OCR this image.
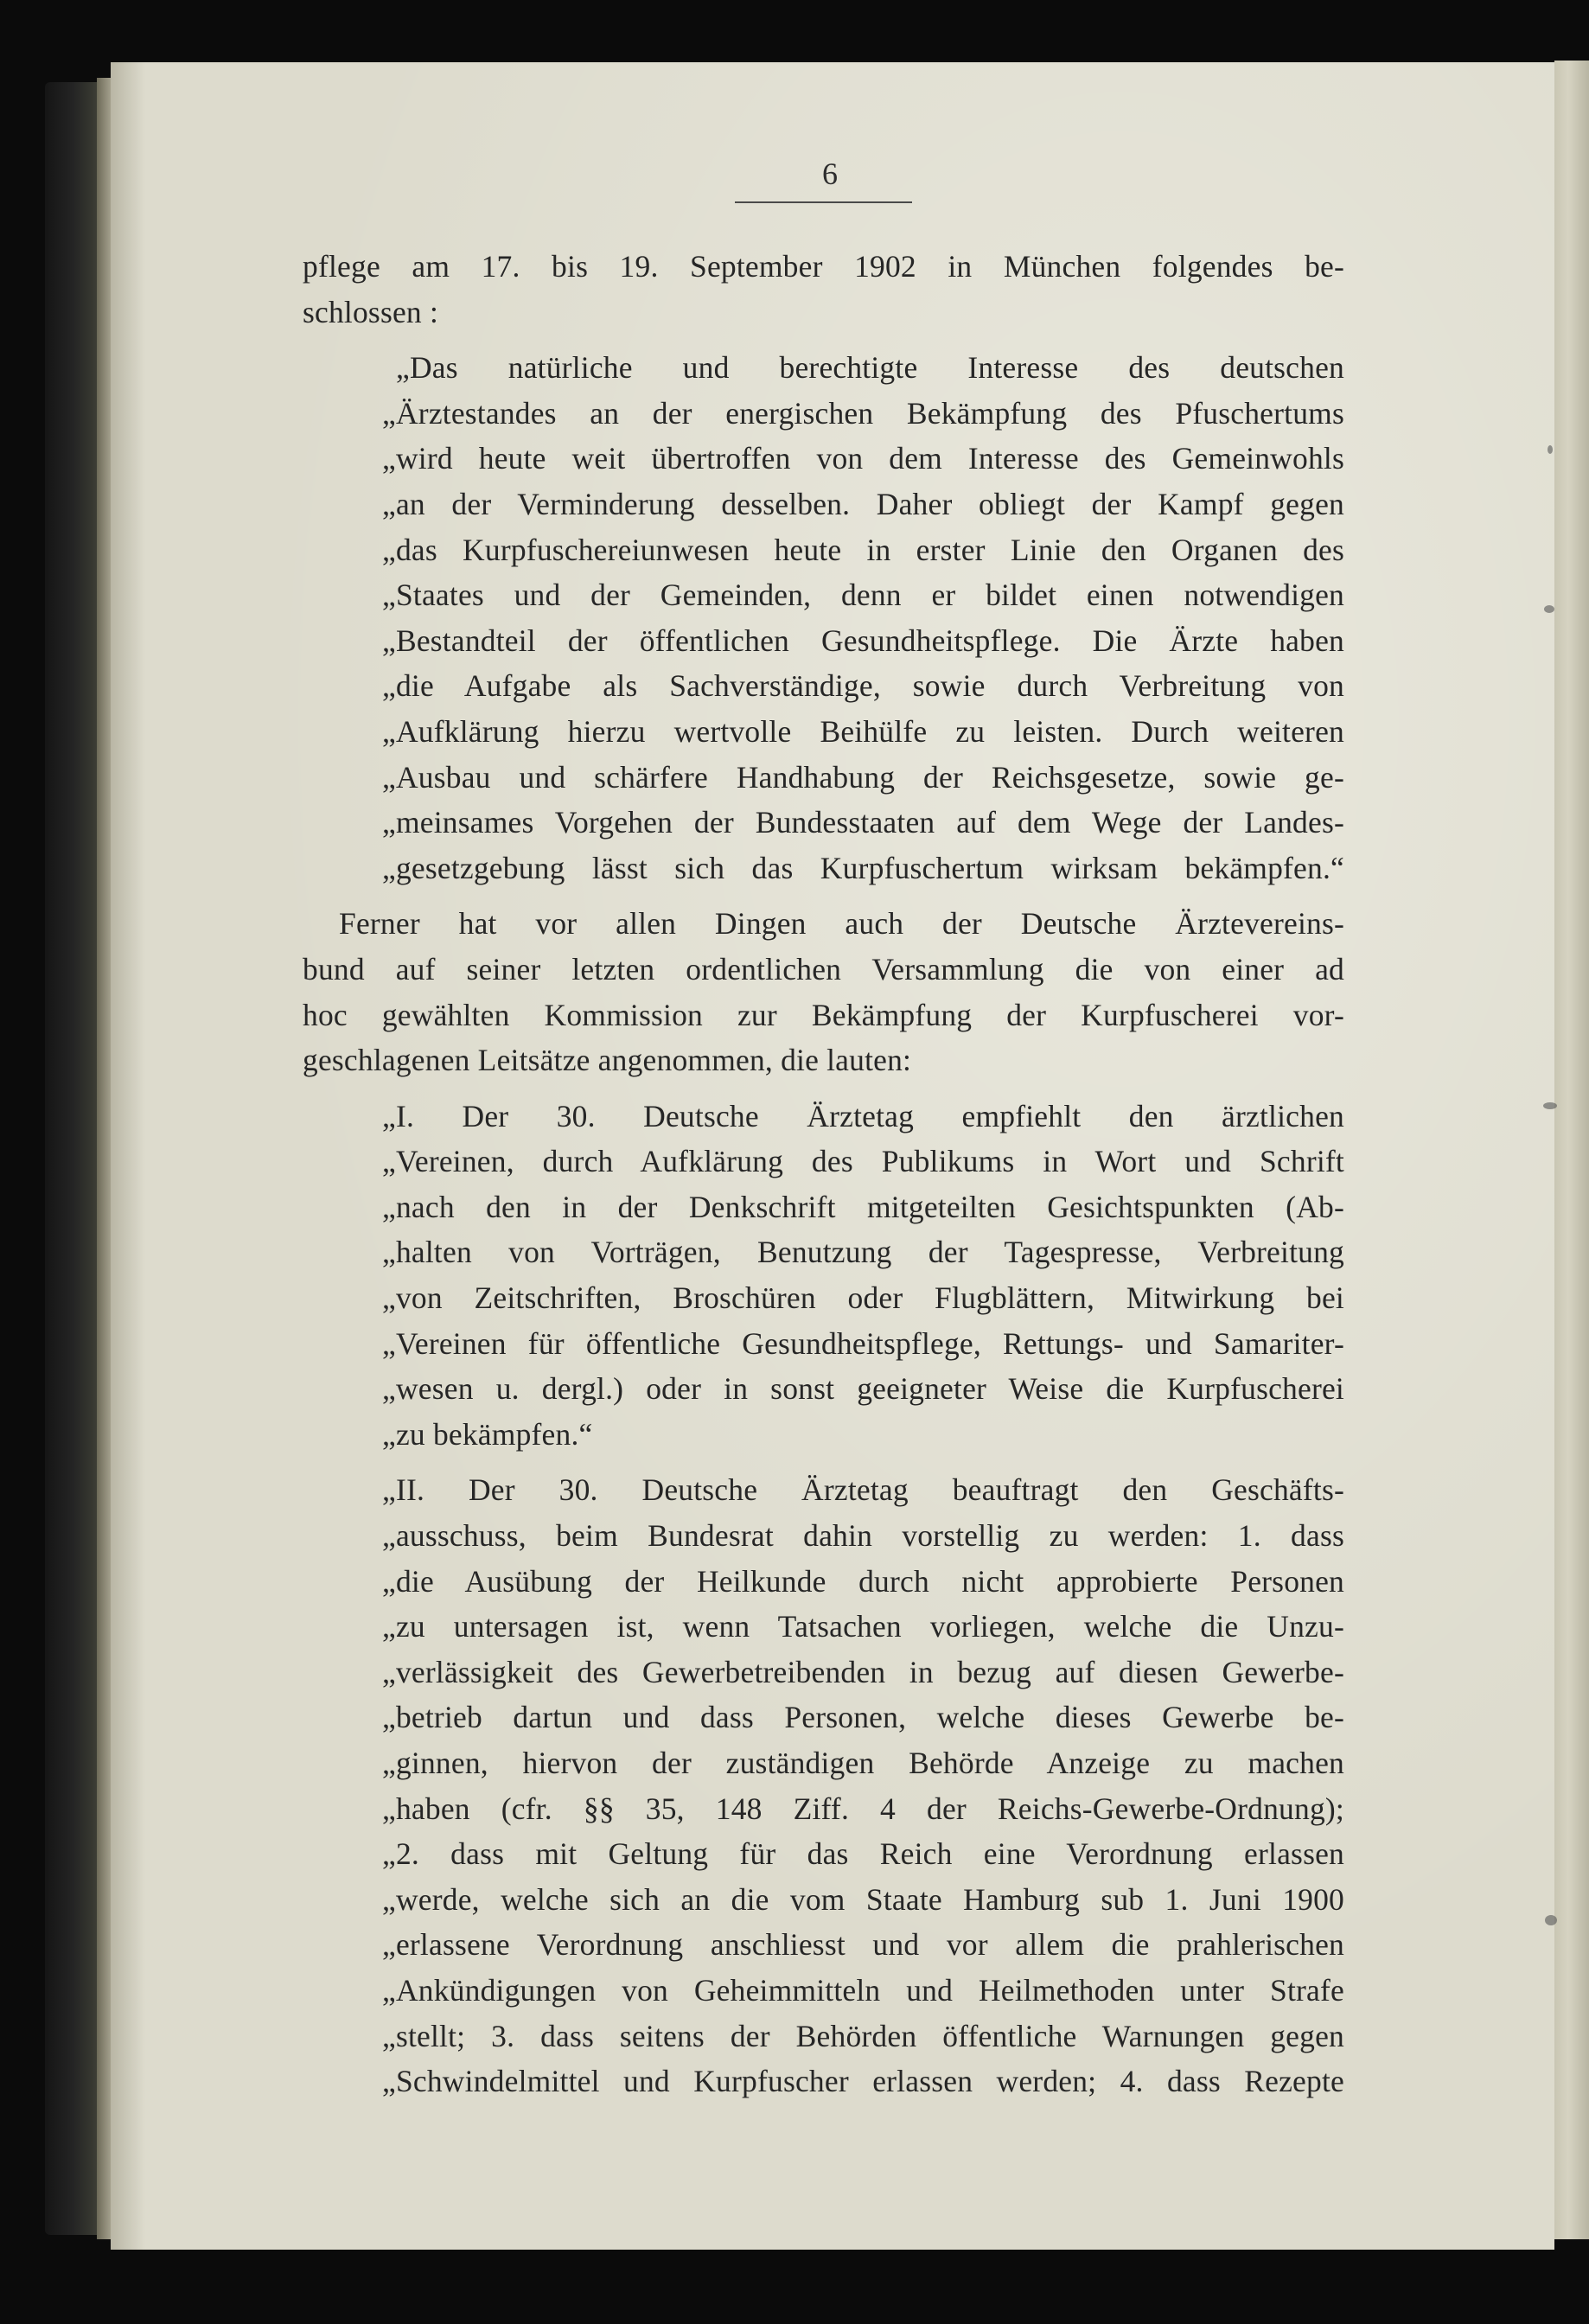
6
pflege am 17. bis 19. September 1902 in München folgendes be-
schlossen :
„Das natürliche und berechtigte Interesse des deutschen
„Ärztestandes an der energischen Bekämpfung des Pfuschertums
„wird heute weit übertroffen von dem Interesse des Gemeinwohls
„an der Verminderung desselben. Daher obliegt der Kampf gegen
„das Kurpfuschereiunwesen heute in erster Linie den Organen des
„Staates und der Gemeinden, denn er bildet einen notwendigen
„Bestandteil der öffentlichen Gesundheitspflege. Die Ärzte haben
„die Aufgabe als Sachverständige, sowie durch Verbreitung von
„Aufklärung hierzu wertvolle Beihülfe zu leisten. Durch weiteren
„Ausbau und schärfere Handhabung der Reichsgesetze, sowie ge-
„meinsames Vorgehen der Bundesstaaten auf dem Wege der Landes-
„gesetzgebung lässt sich das Kurpfuschertum wirksam bekämpfen.“
Ferner hat vor allen Dingen auch der Deutsche Ärztevereins-
bund auf seiner letzten ordentlichen Versammlung die von einer ad
hoc gewählten Kommission zur Bekämpfung der Kurpfuscherei vor-
geschlagenen Leitsätze angenommen, die lauten:
„I. Der 30. Deutsche Ärztetag empfiehlt den ärztlichen
„Vereinen, durch Aufklärung des Publikums in Wort und Schrift
„nach den in der Denkschrift mitgeteilten Gesichtspunkten (Ab-
„halten von Vorträgen, Benutzung der Tagespresse, Verbreitung
„von Zeitschriften, Broschüren oder Flugblättern, Mitwirkung bei
„Vereinen für öffentliche Gesundheitspflege, Rettungs- und Samariter-
„wesen u. dergl.) oder in sonst geeigneter Weise die Kurpfuscherei
„zu bekämpfen.“
„II. Der 30. Deutsche Ärztetag beauftragt den Geschäfts-
„ausschuss, beim Bundesrat dahin vorstellig zu werden: 1. dass
„die Ausübung der Heilkunde durch nicht approbierte Personen
„zu untersagen ist, wenn Tatsachen vorliegen, welche die Unzu-
„verlässigkeit des Gewerbetreibenden in bezug auf diesen Gewerbe-
„betrieb dartun und dass Personen, welche dieses Gewerbe be-
„ginnen, hiervon der zuständigen Behörde Anzeige zu machen
„haben (cfr. §§ 35, 148 Ziff. 4 der Reichs-Gewerbe-Ordnung);
„2. dass mit Geltung für das Reich eine Verordnung erlassen
„werde, welche sich an die vom Staate Hamburg sub 1. Juni 1900
„erlassene Verordnung anschliesst und vor allem die prahlerischen
„Ankündigungen von Geheimmitteln und Heilmethoden unter Strafe
„stellt; 3. dass seitens der Behörden öffentliche Warnungen gegen
„Schwindelmittel und Kurpfuscher erlassen werden; 4. dass Rezepte
